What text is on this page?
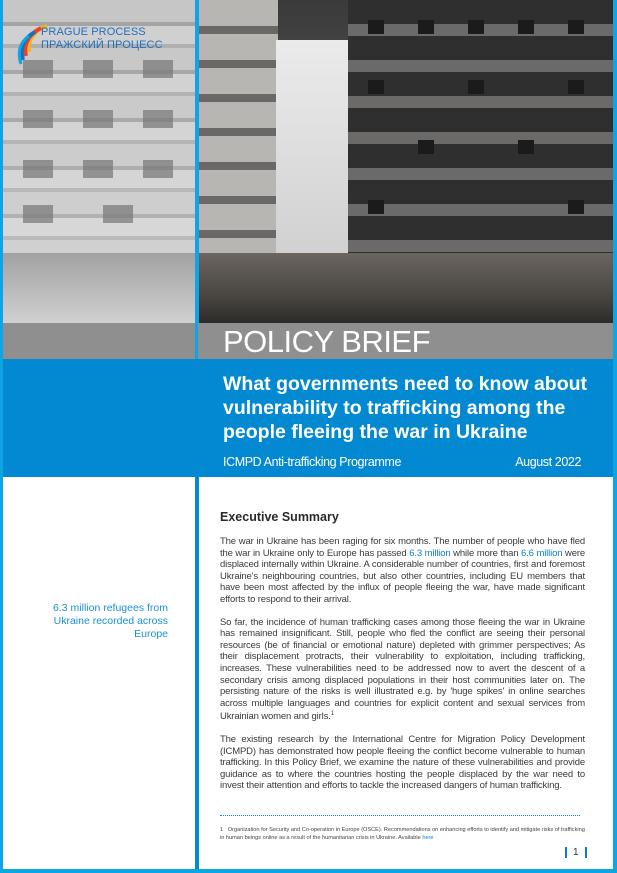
PRAGUE PROCESS
ПРАЖСКИЙ ПРОЦЕСС
POLICY BRIEF
What governments need to know about vulnerability to trafficking among the people fleeing the war in Ukraine
ICMPD Anti-trafficking Programme	August 2022
6.3 million refugees from Ukraine recorded across Europe
Executive Summary

The war in Ukraine has been raging for six months. The number of people who have fled the war in Ukraine only to Europe has passed 6.3 million while more than 6.6 million were displaced internally within Ukraine. A considerable number of countries, first and foremost Ukraine's neighbouring countries, but also other countries, including EU members that have been most affected by the influx of people fleeing the war, have made significant efforts to respond to their arrival.

So far, the incidence of human trafficking cases among those fleeing the war in Ukraine has remained insignificant. Still, people who fled the conflict are seeing their personal resources (be of financial or emotional nature) depleted with grimmer perspectives; As their displacement protracts, their vulnerability to exploitation, including trafficking, increases. These vulnerabilities need to be addressed now to avert the descent of a secondary crisis among displaced populations in their host communities later on. The persisting nature of the risks is well illustrated e.g. by 'huge spikes' in online searches across multiple languages and countries for explicit content and sexual services from Ukrainian women and girls.$^1$

The existing research by the International Centre for Migration Policy Development (ICMPD) has demonstrated how people fleeing the conflict become vulnerable to human trafficking. In this Policy Brief, we examine the nature of these vulnerabilities and provide guidance as to where the countries hosting the people displaced by the war need to invest their attention and efforts to tackle the increased dangers of human trafficking.

1 Organization for Security and Co-operation in Europe (OSCE). Recommendations on enhancing efforts to identify and mitigate risks of trafficking in human beings online as a result of the humanitarian crisis in Ukraine. Available here
1
